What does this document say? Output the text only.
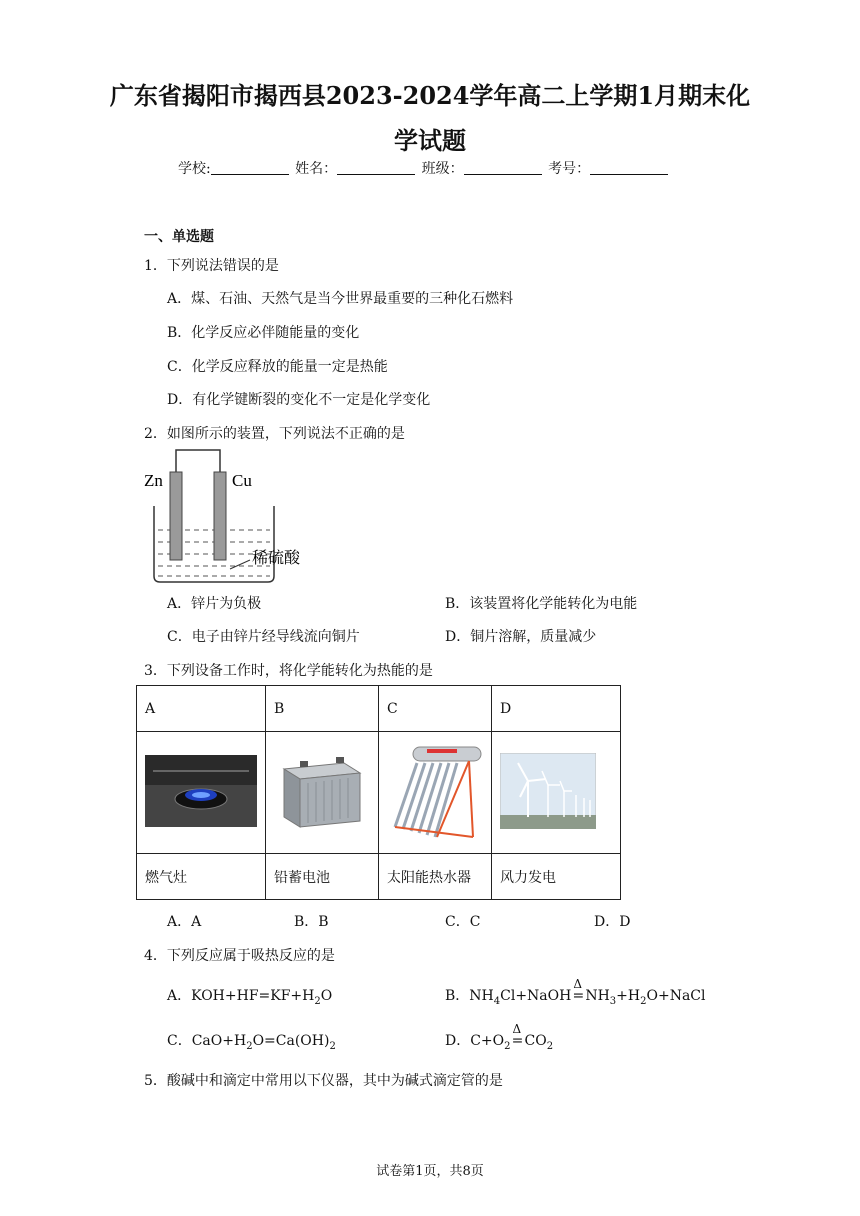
广东省揭阳市揭西县2023-2024学年高二上学期1月期末化
学试题
学校:	姓名：	班级：	考号：
一、单选题
1．下列说法错误的是
A．煤、石油、天然气是当今世界最重要的三种化石燃料
B．化学反应必伴随能量的变化
C．化学反应释放的能量一定是热能
D．有化学键断裂的变化不一定是化学变化
2．如图所示的装置，下列说法不正确的是
Zn	Cu
稀硫酸
A．锌片为负极	B．该装置将化学能转化为电能
C．电子由锌片经导线流向铜片	D．铜片溶解，质量减少
3．下列设备工作时，将化学能转化为热能的是
A	B	C	D

燃气灶	铅蓄电池	太阳能热水器	风力发电
A．A	B．B	C．C	D．D
4．下列反应属于吸热反应的是
A．$KOH+HF=KF+H_2O$	B．$NH_4Cl+NaOH$
Δ
$=NH_3+H_2O+NaCl$
C．$CaO+H_2O=Ca(OH)_2$	D．$C+O_2$
Δ
$=CO_2$
5．酸碱中和滴定中常用以下仪器，其中为碱式滴定管的是
试卷第1页，共8页
